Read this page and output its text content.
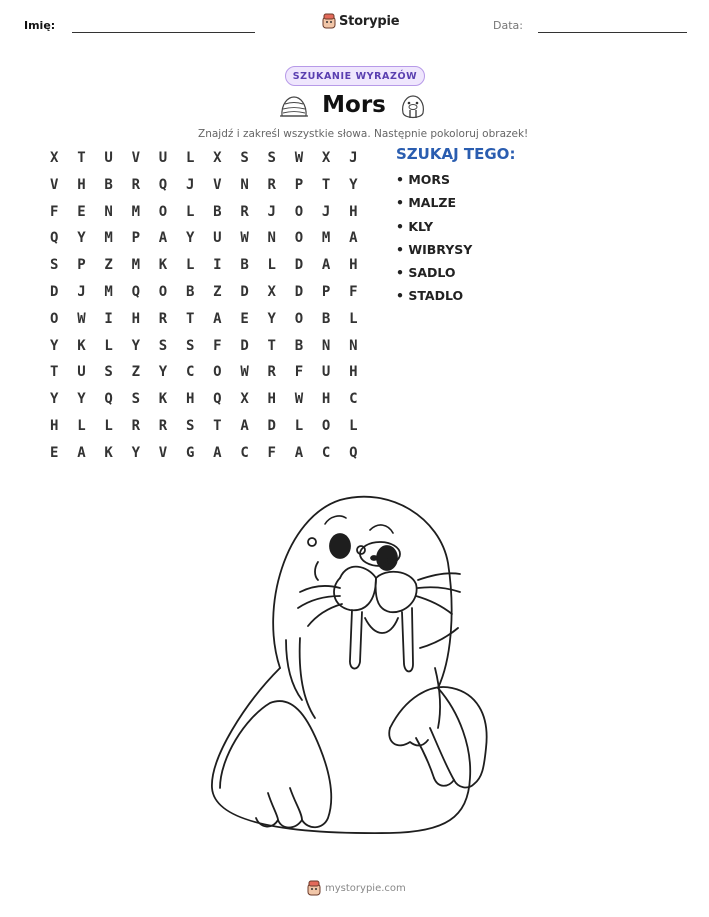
Imię:	Storypie	Data:
SZUKANIE WYRAZÓW
Mors
Znajdź i zakreśl wszystkie słowa. Następnie pokoloruj obrazek!
X	T	U	V	U	L	X	S	S	W	X	J
V	H	B	R	Q	J	V	N	R	P	T	Y
F	E	N	M	O	L	B	R	J	O	J	H
Q	Y	M	P	A	Y	U	W	N	O	M	A
S	P	Z	M	K	L	I	B	L	D	A	H
D	J	M	Q	O	B	Z	D	X	D	P	F
O	W	I	H	R	T	A	E	Y	O	B	L
Y	K	L	Y	S	S	F	D	T	B	N	N
T	U	S	Z	Y	C	O	W	R	F	U	H
Y	Y	Q	S	K	H	Q	X	H	W	H	C
H	L	L	R	R	S	T	A	D	L	O	L
E	A	K	Y	V	G	A	C	F	A	C	Q
SZUKAJ TEGO:
• MORS
• MALZE
• KLY
• WIBRYSY
• SADLO
• STADLO
mystorypie.com
